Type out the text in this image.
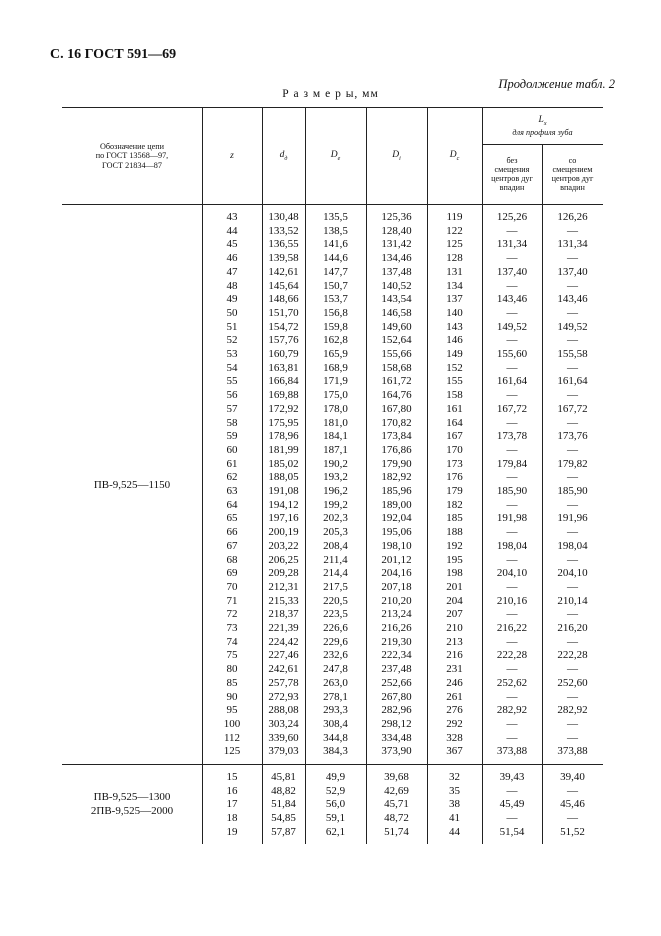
С. 16 ГОСТ 591—69
Продолжение табл. 2
Р а з м е р ы, мм
Обозначение цепи
по ГОСТ 13568—97,
ГОСТ 21834—87
z	$d_д$	$D_e$	$D_i$	$D_c$
$L_x$
для профиля зуба
без
смещения
центров дуг
впадин
со
смещением
центров дуг
впадин
ПВ-9,525—1150
43	130,48	135,5	125,36	119	125,26	126,26
44	133,52	138,5	128,40	122	—	—
45	136,55	141,6	131,42	125	131,34	131,34
46	139,58	144,6	134,46	128	—	—
47	142,61	147,7	137,48	131	137,40	137,40
48	145,64	150,7	140,52	134	—	—
49	148,66	153,7	143,54	137	143,46	143,46
50	151,70	156,8	146,58	140	—	—
51	154,72	159,8	149,60	143	149,52	149,52
52	157,76	162,8	152,64	146	—	—
53	160,79	165,9	155,66	149	155,60	155,58
54	163,81	168,9	158,68	152	—	—
55	166,84	171,9	161,72	155	161,64	161,64
56	169,88	175,0	164,76	158	—	—
57	172,92	178,0	167,80	161	167,72	167,72
58	175,95	181,0	170,82	164	—	—
59	178,96	184,1	173,84	167	173,78	173,76
60	181,99	187,1	176,86	170	—	—
61	185,02	190,2	179,90	173	179,84	179,82
62	188,05	193,2	182,92	176	—	—
63	191,08	196,2	185,96	179	185,90	185,90
64	194,12	199,2	189,00	182	—	—
65	197,16	202,3	192,04	185	191,98	191,96
66	200,19	205,3	195,06	188	—	—
67	203,22	208,4	198,10	192	198,04	198,04
68	206,25	211,4	201,12	195	—	—
69	209,28	214,4	204,16	198	204,10	204,10
70	212,31	217,5	207,18	201	—	—
71	215,33	220,5	210,20	204	210,16	210,14
72	218,37	223,5	213,24	207	—	—
73	221,39	226,6	216,26	210	216,22	216,20
74	224,42	229,6	219,30	213	—	—
75	227,46	232,6	222,34	216	222,28	222,28
80	242,61	247,8	237,48	231	—	—
85	257,78	263,0	252,66	246	252,62	252,60
90	272,93	278,1	267,80	261	—	—
95	288,08	293,3	282,96	276	282,92	282,92
100	303,24	308,4	298,12	292	—	—
112	339,60	344,8	334,48	328	—	—
125	379,03	384,3	373,90	367	373,88	373,88
ПВ-9,525—1300
2ПВ-9,525—2000
15	45,81	49,9	39,68	32	39,43	39,40
16	48,82	52,9	42,69	35	—	—
17	51,84	56,0	45,71	38	45,49	45,46
18	54,85	59,1	48,72	41	—	—
19	57,87	62,1	51,74	44	51,54	51,52
